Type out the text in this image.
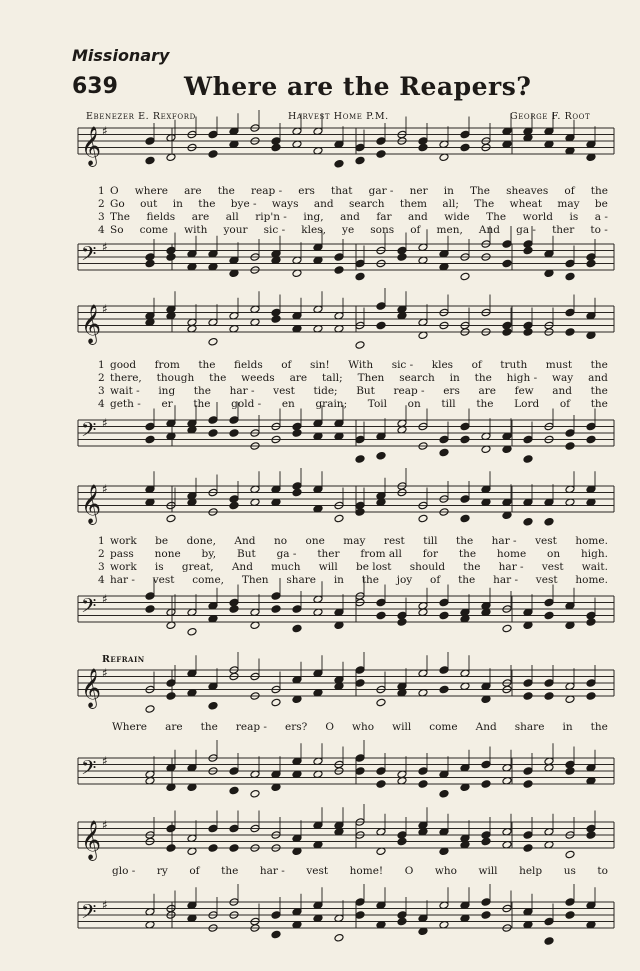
Missionary
639	Where are the Reapers?
Ebenezer E. Rexford	Harvest Home P.M.	George F. Root
𝄞 ♯
𝄢 ♯
𝄞 ♯
𝄢 ♯
𝄞 ♯
𝄢 ♯
𝄞 ♯
𝄢 ♯
𝄞 ♯
𝄢 ♯
1 O where are the reap - ers that gar - ner in The sheaves of the
2 Go out in the bye - ways and search them all; The wheat may be
3 The fields are all rip'n - ing, and far and wide The world is a -
4 So come with your sic - kles, ye sons of men, And ga - ther to -
1 good from the fields of sin! With sic - kles of truth must the
2 there, though the weeds are tall; Then search in the high - way and
3 wait - ing the har - vest tide; But reap - ers are few and the
4 geth - er the gold - en grain; Toil on till the Lord of the
1 work be done, And no one may rest till the har - vest home.
2 pass none by, But ga - ther from all for the home on high.
3 work is great, And much will be lost should the har - vest wait.
4 har - vest come, Then share in the joy of the har - vest home.
Refrain
Where are the reap - ers? O who will come And share in the
glo - ry of the har - vest home! O who will help us to
